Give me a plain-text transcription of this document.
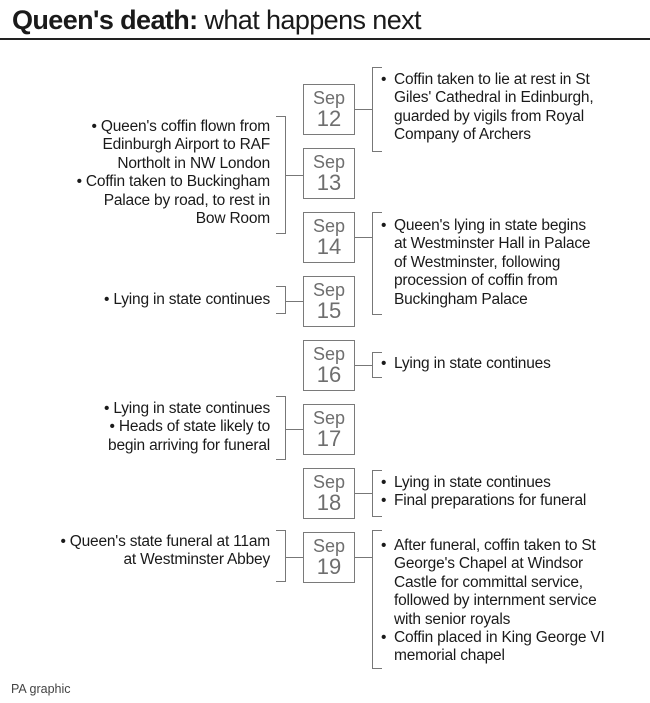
Queen's death: what happens next
Sep
12
Sep
13
Sep
14
Sep
15
Sep
16
Sep
17
Sep
18
Sep
19
• Queen's coffin flown from
Edinburgh Airport to RAF
Northolt in NW London
• Coffin taken to Buckingham
Palace by road, to rest in
Bow Room
• Lying in state continues
• Lying in state continues
• Heads of state likely to
begin arriving for funeral
• Queen's state funeral at 11am
at Westminster Abbey
• Coffin taken to lie at rest in St
Giles' Cathedral in Edinburgh,
guarded by vigils from Royal
Company of Archers
• Queen's lying in state begins
at Westminster Hall in Palace
of Westminster, following
procession of coffin from
Buckingham Palace
• Lying in state continues
• Lying in state continues
• Final preparations for funeral
• After funeral, coffin taken to St
George's Chapel at Windsor
Castle for committal service,
followed by internment service
with senior royals
• Coffin placed in King George VI
memorial chapel
PA graphic
